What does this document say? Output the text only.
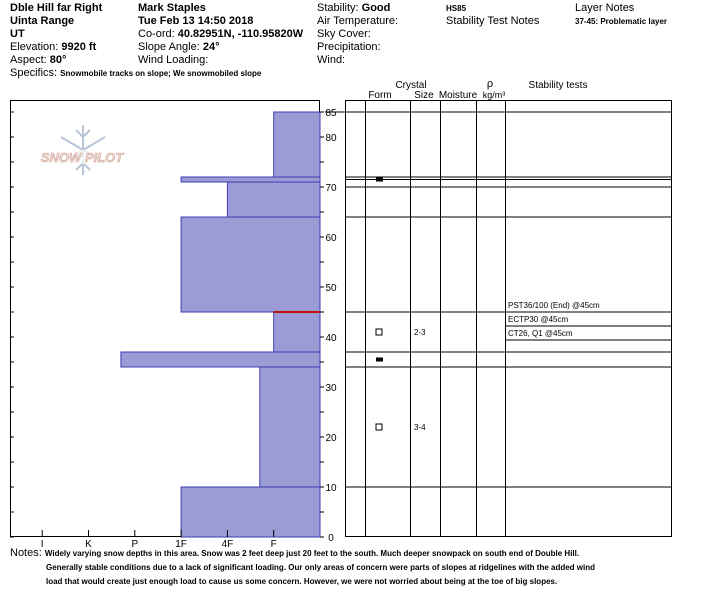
Dble Hill far Right
Uinta Range
UT
Elevation: 9920 ft
Aspect: 80°
Specifics: Snowmobile tracks on slope; We snowmobiled slope
Mark Staples
Tue Feb 13 14:50 2018
Co-ord: 40.82951N, -110.95820W
Slope Angle: 24°
Wind Loading:
Stability: Good
Air Temperature:
Sky Cover:
Precipitation:
Wind:
HS85
Stability Test Notes
Layer Notes
37-45: Problematic layer
SNOW PILOT
I	K	P	1F	4F	F
0
10
20
30
40
50
60
70
80
85
3-4
2-3
PST36/100 (End) @45cm
ECTP30 @45cm
CT26, Q1 @45cm
Crystal
Form Size Moisture
ρ
kg/m³
Stability tests
Notes: Widely varying snow depths in this area. Snow was 2 feet deep just 20 feet to the south. Much deeper snowpack on south end of Double Hill.
Generally stable conditions due to a lack of significant loading. Our only areas of concern were parts of slopes at ridgelines with the added wind
load that would create just enough load to cause us some concern. However, we were not worried about being at the toe of big slopes.
